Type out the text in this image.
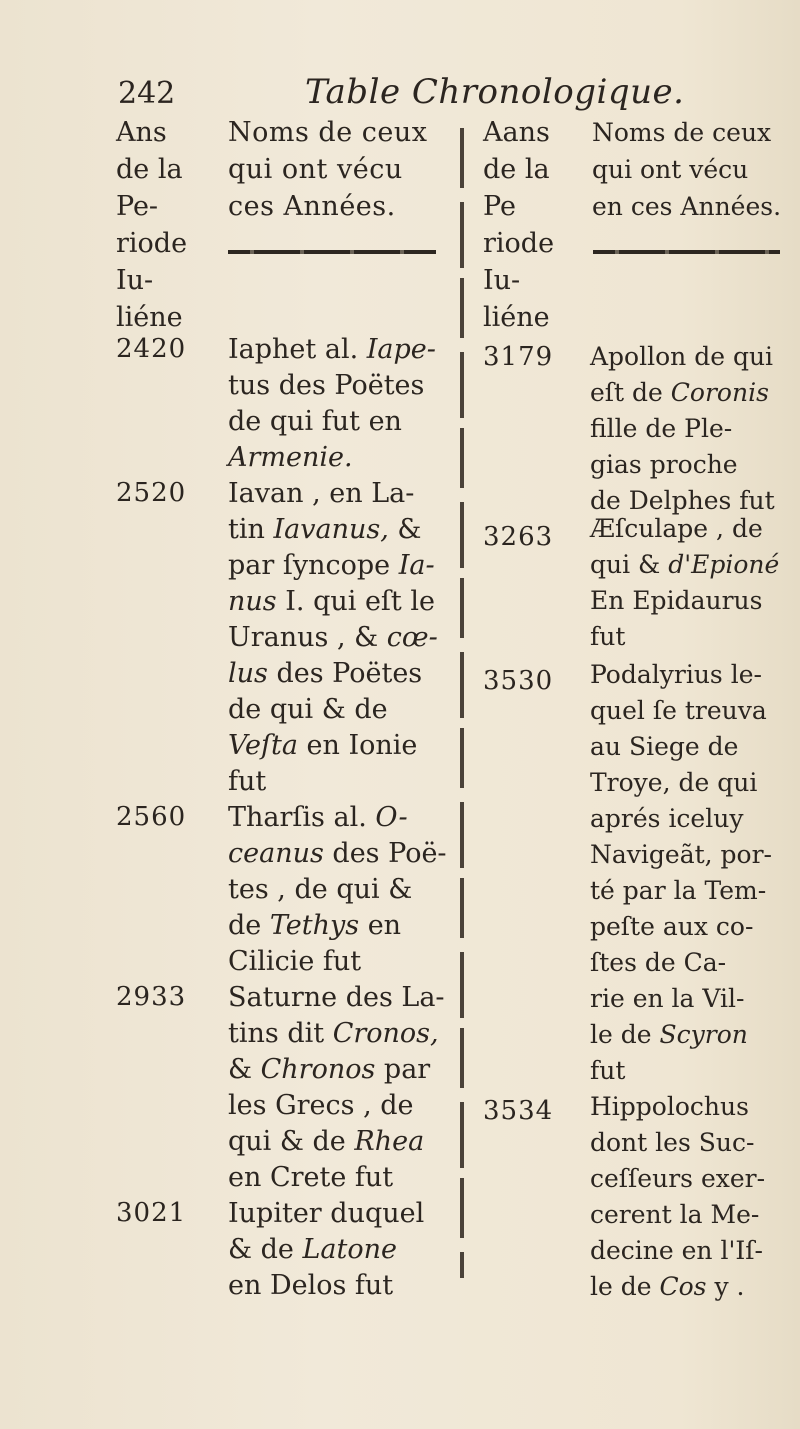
242	Table Chronologique.
Ans
de la
Pe-
riode
Iu-
liéne
Noms de ceux
qui ont vécu
ces Années.
Aans
de la
Pe
riode
Iu-
liéne
Noms de ceux
qui ont vécu
en ces Années.
2420 Iaphet al. Iape-
tus des Poëtes
de qui fut en
Armenie.
2520 Iavan , en La-
tin Iavanus, &
par ſyncope Ia-
nus I. qui eſt le
Uranus , & cœ-
lus des Poëtes
de qui & de
Veſta en Ionie
fut
2560 Tharſis al. O-
ceanus des Poë-
tes , de qui &
de Tethys en
Cilicie fut
2933 Saturne des La-
tins dit Cronos,
& Chronos par
les Grecs , de
qui & de Rhea
en Crete fut
3021 Iupiter duquel
& de Latone
en Delos fut
3179 Apollon de qui
eſt de Coronis
fille de Ple-
gias proche
de Delphes fut
3263 Æſculape , de
qui & d'Epioné
En Epidaurus
fut
3530 Podalyrius le-
quel ſe treuva
au Siege de
Troye, de qui
aprés iceluy
Navigeãt, por-
té par la Tem-
peſte aux co-
ſtes de Ca-
rie en la Vil-
le de Scyron
fut
3534 Hippolochus
dont les Suc-
ceſſeurs exer-
cerent la Me-
decine en l'Iſ-
le de Cos y .
